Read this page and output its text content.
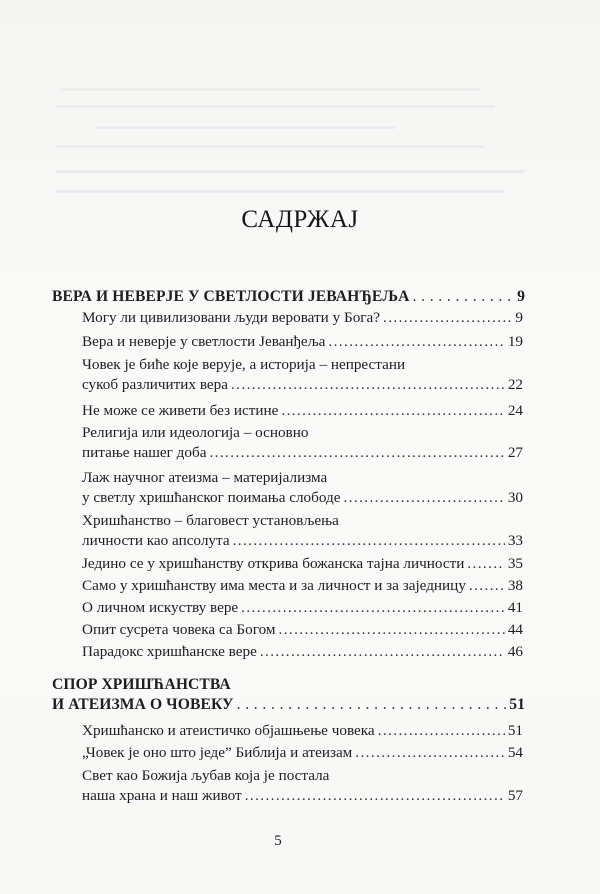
САДРЖАЈ
ВЕРА И НЕВЕРЈЕ У СВЕТЛОСТИ ЈЕВАНЂЕЉА . . .	9
Могу ли цивилизовани људи веровати у Бога? . . .	9
Вера и неверје у светлости Јеванђеља . . .	19
Човек је биће које верује, а историја – непрестани
сукоб различитих вера . . .	22
Не може се живети без истине . . .	24
Религија или идеологија – основно
питање нашег доба . . .	27
Лаж научног атеизма – материјализма
у светлу хришћанског поимања слободе . . .	30
Хришћанство – благовест установљења
личности као апсолута . . .	33
Једино се у хришћанству открива божанска тајна личности . . .	35
Само у хришћанству има места и за личност и за заједницу . . .	38
О личном искуству вере . . .	41
Опит сусрета човека са Богом . . .	44
Парадокс хришћанске вере . . .	46
СПОР ХРИШЋАНСТВА
И АТЕИЗМА О ЧОВЕКУ . . .	51
Хришћанско и атеистичко објашњење човека . . .	51
„Човек је оно што једе” Библија и атеизам . . .	54
Свет као Божија љубав која је постала
наша храна и наш живот . . .	57
5
